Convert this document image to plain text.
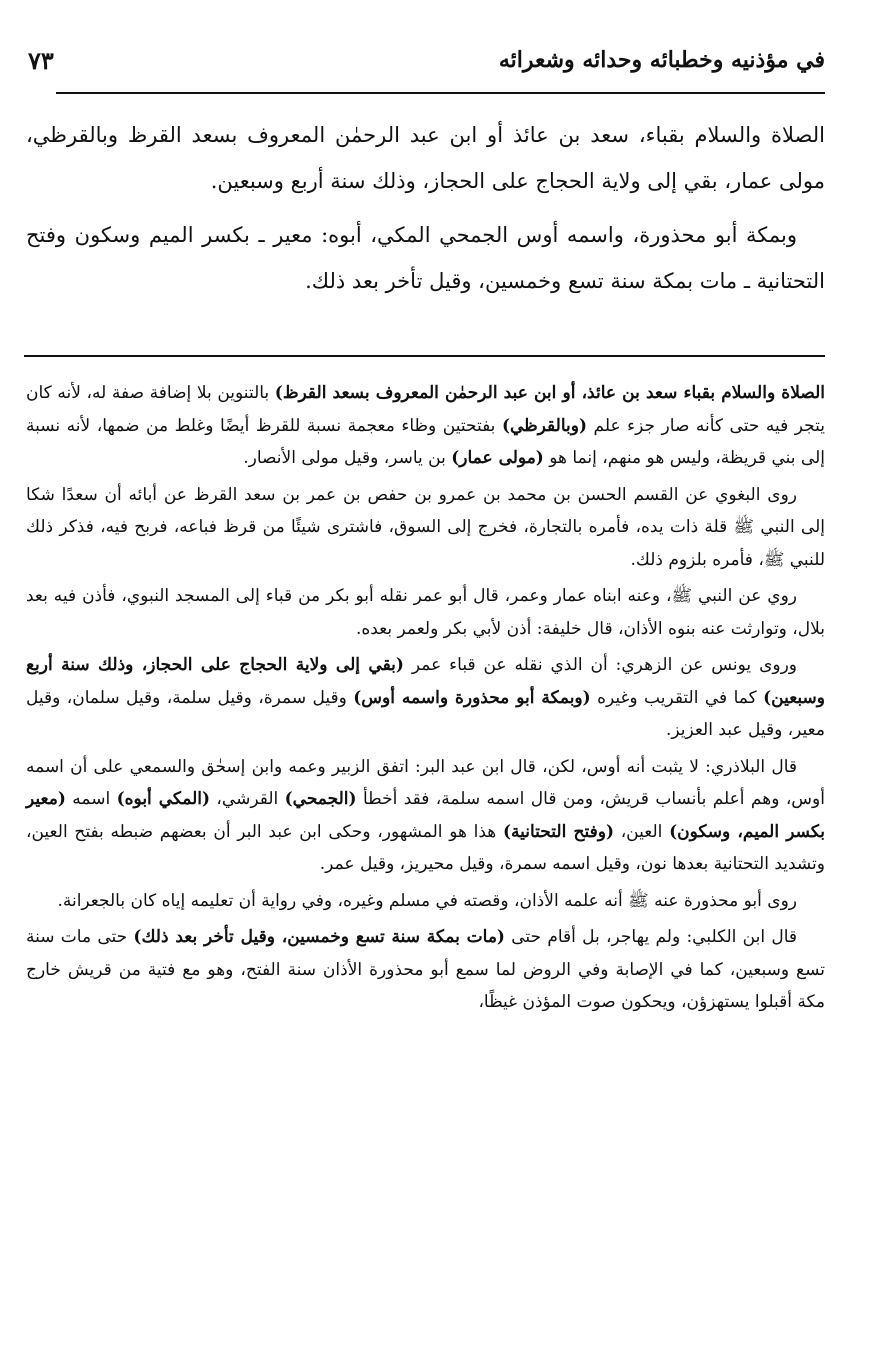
في مؤذنيه وخطبائه وحدائه وشعرائه
٧٣

الصلاة والسلام بقباء، سعد بن عائذ أو ابن عبد الرحمٰن المعروف بسعد القرظ وبالقرظي، مولى عمار، بقي إلى ولاية الحجاج على الحجاز، وذلك سنة أربع وسبعين.

وبمكة أبو محذورة، واسمه أوس الجمحي المكي، أبوه: معير ـ بكسر الميم وسكون وفتح التحتانية ـ مات بمكة سنة تسع وخمسين، وقيل تأخر بعد ذلك.

الصلاة والسلام بقباء سعد بن عائذ، أو ابن عبد الرحمٰن المعروف بسعد القرظ) بالتنوين بلا إضافة صفة له، لأنه كان يتجر فيه حتى كأنه صار جزء علم (وبالقرظي) بفتحتين وظاء معجمة نسبة للقرظ أيضًا وغلط من ضمها، لأنه نسبة إلى بني قريظة، وليس هو منهم، إنما هو (مولى عمار) بن ياسر، وقيل مولى الأنصار.

روى البغوي عن القسم الحسن بن محمد بن عمرو بن حفص بن عمر بن سعد القرظ عن أبائه أن سعدًا شكا إلى النبي ﷺ قلة ذات يده، فأمره بالتجارة، فخرج إلى السوق، فاشترى شيئًا من قرظ فباعه، فربح فيه، فذكر ذلك للنبي ﷺ، فأمره بلزوم ذلك.

روي عن النبي ﷺ، وعنه ابناه عمار وعمر، قال أبو عمر نقله أبو بكر من قباء إلى المسجد النبوي، فأذن فيه بعد بلال، وتوارثت عنه بنوه الأذان، قال خليفة: أذن لأبي بكر ولعمر بعده.

وروى يونس عن الزهري: أن الذي نقله عن قباء عمر (بقي إلى ولاية الحجاج على الحجاز، وذلك سنة أربع وسبعين) كما في التقريب وغيره (وبمكة أبو محذورة واسمه أوس) وقيل سمرة، وقيل سلمة، وقيل سلمان، وقيل معير، وقيل عبد العزيز.

قال البلاذري: لا يثبت أنه أوس، لكن، قال ابن عبد البر: اتفق الزبير وعمه وابن إسحٰق والسمعي على أن اسمه أوس، وهم أعلم بأنساب قريش، ومن قال اسمه سلمة، فقد أخطأ (الجمحي) القرشي، (المكي أبوه) اسمه (معير بكسر الميم، وسكون) العين، (وفتح التحتانية) هذا هو المشهور، وحكى ابن عبد البر أن بعضهم ضبطه بفتح العين، وتشديد التحتانية بعدها نون، وقيل اسمه سمرة، وقيل محيريز، وقيل عمر.

روى أبو محذورة عنه ﷺ أنه علمه الأذان، وقصته في مسلم وغيره، وفي رواية أن تعليمه إياه كان بالجعرانة.

قال ابن الكلبي: ولم يهاجر، بل أقام حتى (مات بمكة سنة تسع وخمسين، وقيل تأخر بعد ذلك) حتى مات سنة تسع وسبعين، كما في الإصابة وفي الروض لما سمع أبو محذورة الأذان سنة الفتح، وهو مع فتية من قريش خارج مكة أقبلوا يستهزؤن، ويحكون صوت المؤذن غيظًا،
